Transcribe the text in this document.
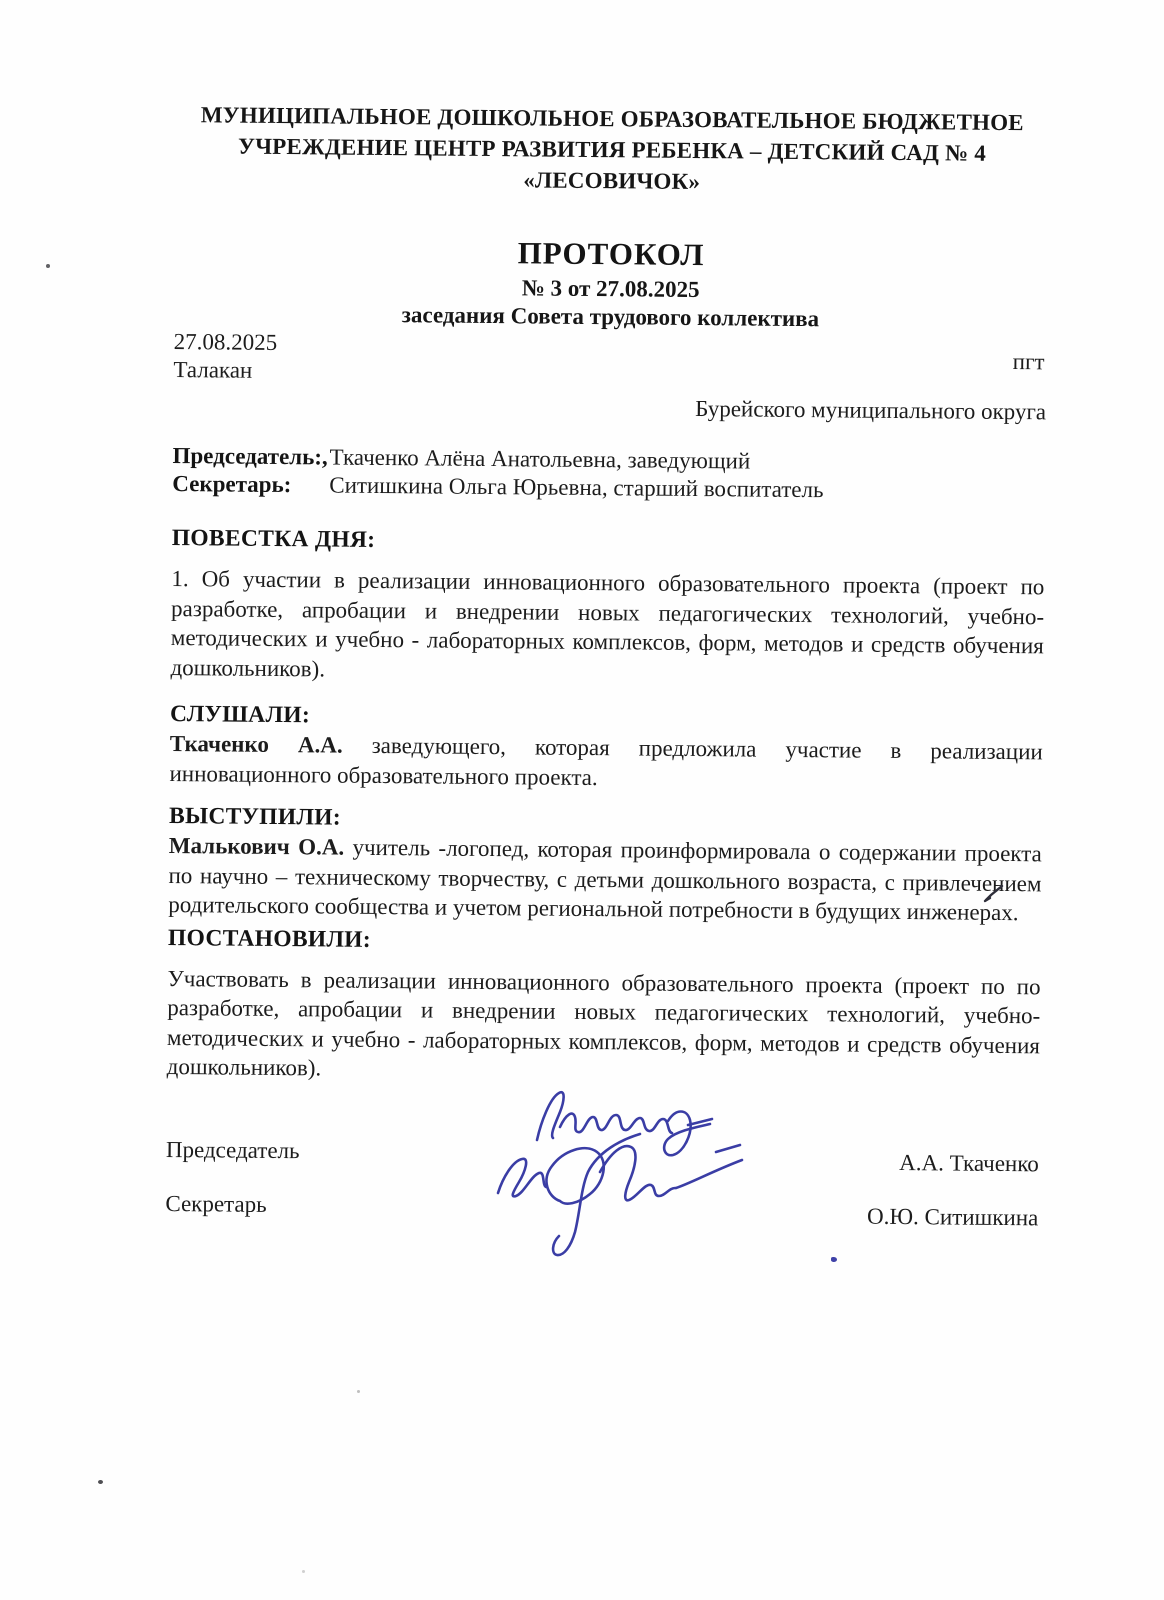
МУНИЦИПАЛЬНОЕ ДОШКОЛЬНОЕ ОБРАЗОВАТЕЛЬНОЕ БЮДЖЕТНОЕ
УЧРЕЖДЕНИЕ ЦЕНТР РАЗВИТИЯ РЕБЕНКА – ДЕТСКИЙ САД № 4
«ЛЕСОВИЧОК»
ПРОТОКОЛ
№ 3 от 27.08.2025
заседания Совета трудового коллектива
27.08.2025
Талакан	пгт
Бурейского муниципального округа
Председатель:,Ткаченко Алёна Анатольевна, заведующий
Секретарь: Ситишкина Ольга Юрьевна, старший воспитатель
ПОВЕСТКА ДНЯ:

1. Об участии в реализации инновационного образовательного проекта (проект по разработке, апробации и внедрении новых педагогических технологий, учебно-методических и учебно - лабораторных комплексов, форм, методов и средств обучения дошкольников).

СЛУШАЛИ:

Ткаченко А.А. заведующего, которая предложила участие в реализации инновационного образовательного проекта.

ВЫСТУПИЛИ:

Малькович О.А. учитель -логопед, которая проинформировала о содержании проекта по научно – техническому творчеству, с детьми дошкольного возраста, с привлечением родительского сообщества и учетом региональной потребности в будущих инженерах.

ПОСТАНОВИЛИ:

Участвовать в реализации инновационного образовательного проекта (проект по по разработке, апробации и внедрении новых педагогических технологий, учебно-методических и учебно - лабораторных комплексов, форм, методов и средств обучения дошкольников).

Председатель	А.А. Ткаченко
Секретарь	О.Ю. Ситишкина
